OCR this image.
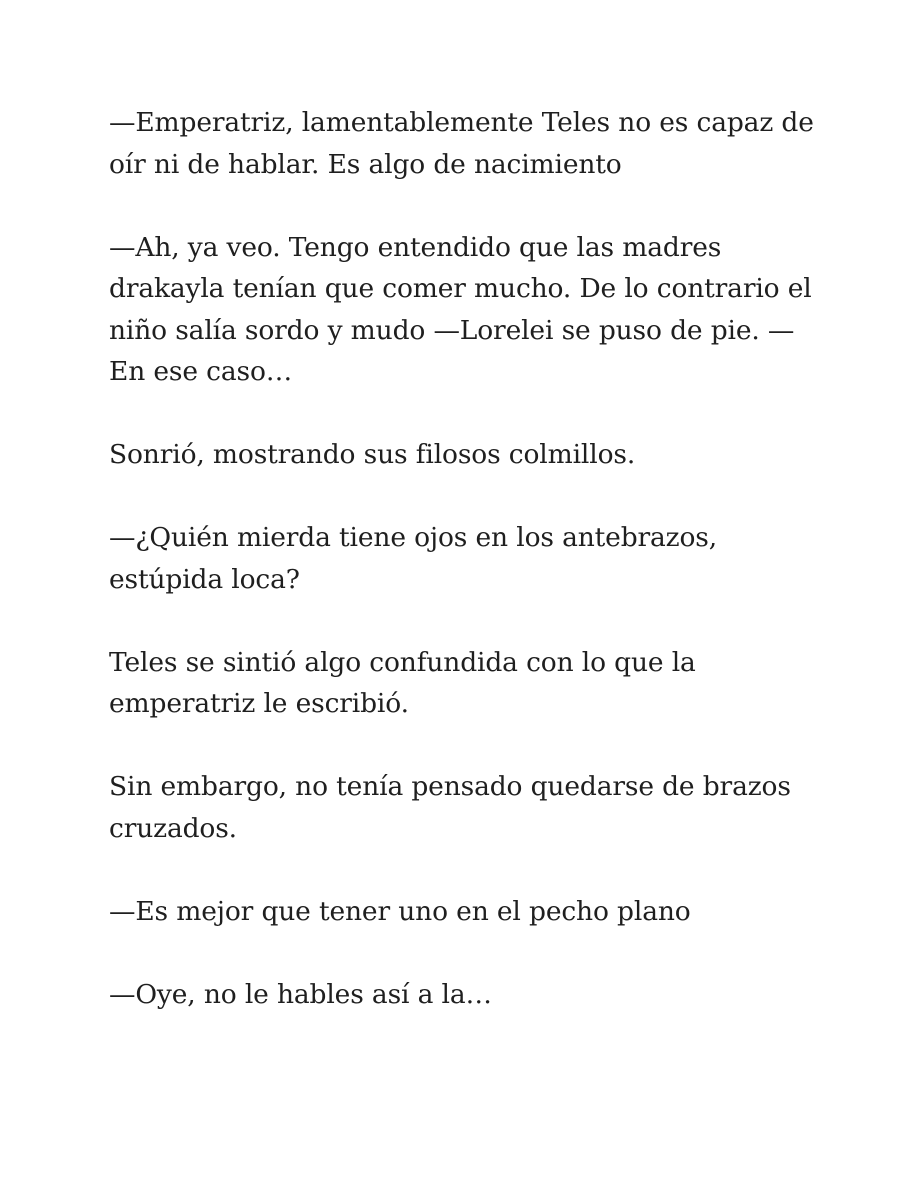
—Emperatriz, lamentablemente Teles no es capaz de oír ni de hablar. Es algo de nacimiento

—Ah, ya veo. Tengo entendido que las madres drakayla tenían que comer mucho. De lo contrario el niño salía sordo y mudo —Lorelei se puso de pie. —En ese caso…

Sonrió, mostrando sus filosos colmillos.

—¿Quién mierda tiene ojos en los antebrazos, estúpida loca?

Teles se sintió algo confundida con lo que la emperatriz le escribió.

Sin embargo, no tenía pensado quedarse de brazos cruzados.

—Es mejor que tener uno en el pecho plano

—Oye, no le hables así a la…
